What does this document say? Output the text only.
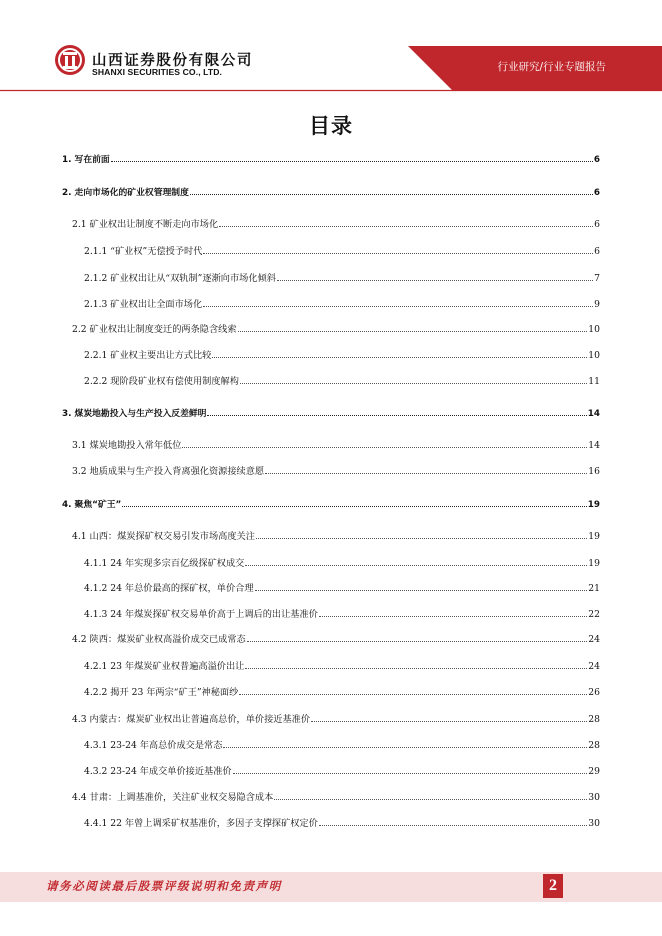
山西证券股份有限公司
SHANXI SECURITIES CO., LTD.	行业研究/行业专题报告
目录
1. 写在前面	6
2. 走向市场化的矿业权管理制度	6
2.1 矿业权出让制度不断走向市场化	6
2.1.1 “矿业权”无偿授予时代	6
2.1.2 矿业权出让从“双轨制”逐渐向市场化倾斜	7
2.1.3 矿业权出让全面市场化	9
2.2 矿业权出让制度变迁的两条隐含线索	10
2.2.1 矿业权主要出让方式比较	10
2.2.2 现阶段矿业权有偿使用制度解构	11
3. 煤炭地勘投入与生产投入反差鲜明	14
3.1 煤炭地勘投入常年低位	14
3.2 地质成果与生产投入背离强化资源接续意愿	16
4. 聚焦“矿王”	19
4.1 山西：煤炭探矿权交易引发市场高度关注	19
4.1.1 24 年实现多宗百亿级探矿权成交	19
4.1.2 24 年总价最高的探矿权，单价合理	21
4.1.3 24 年煤炭探矿权交易单价高于上调后的出让基准价	22
4.2 陕西：煤炭矿业权高溢价成交已成常态	24
4.2.1 23 年煤炭矿业权普遍高溢价出让	24
4.2.2 揭开 23 年两宗“矿王”神秘面纱	26
4.3 内蒙古：煤炭矿业权出让普遍高总价，单价接近基准价	28
4.3.1 23-24 年高总价成交是常态	28
4.3.2 23-24 年成交单价接近基准价	29
4.4 甘肃：上调基准价，关注矿业权交易隐含成本	30
4.4.1 22 年曾上调采矿权基准价，多因子支撑探矿权定价	30
请务必阅读最后股票评级说明和免责声明	2
